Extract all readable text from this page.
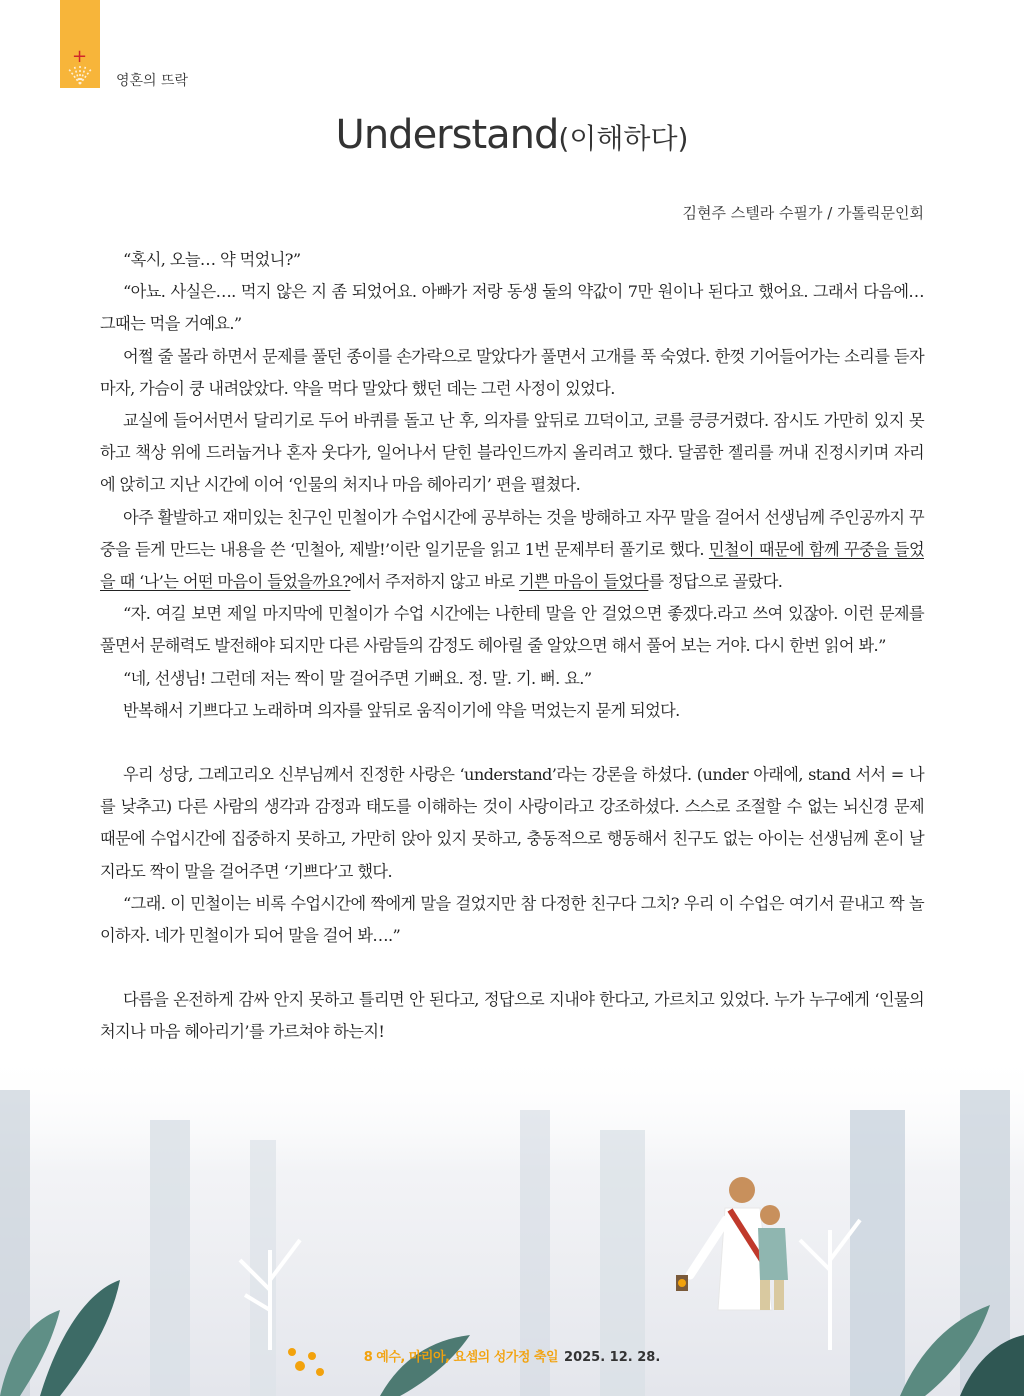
+
영혼의 뜨락
Understand(이해하다)
김현주 스텔라 수필가 / 가톨릭문인회

“혹시, 오늘… 약 먹었니?”

“아뇨. 사실은…. 먹지 않은 지 좀 되었어요. 아빠가 저랑 동생 둘의 약값이 7만 원이나 된다고 했어요. 그래서 다음에… 그때는 먹을 거예요.”

어쩔 줄 몰라 하면서 문제를 풀던 종이를 손가락으로 말았다가 풀면서 고개를 푹 숙였다. 한껏 기어들어가는 소리를 듣자마자, 가슴이 쿵 내려앉았다. 약을 먹다 말았다 했던 데는 그런 사정이 있었다.

교실에 들어서면서 달리기로 두어 바퀴를 돌고 난 후, 의자를 앞뒤로 끄덕이고, 코를 킁킁거렸다. 잠시도 가만히 있지 못하고 책상 위에 드러눕거나 혼자 웃다가, 일어나서 닫힌 블라인드까지 올리려고 했다. 달콤한 젤리를 꺼내 진정시키며 자리에 앉히고 지난 시간에 이어 ‘인물의 처지나 마음 헤아리기’ 편을 펼쳤다.

아주 활발하고 재미있는 친구인 민철이가 수업시간에 공부하는 것을 방해하고 자꾸 말을 걸어서 선생님께 주인공까지 꾸중을 듣게 만드는 내용을 쓴 ‘민철아, 제발!’이란 일기문을 읽고 1번 문제부터 풀기로 했다. 민철이 때문에 함께 꾸중을 들었을 때 ‘나’는 어떤 마음이 들었을까요?에서 주저하지 않고 바로 기쁜 마음이 들었다를 정답으로 골랐다.

“자. 여길 보면 제일 마지막에 민철이가 수업 시간에는 나한테 말을 안 걸었으면 좋겠다.라고 쓰여 있잖아. 이런 문제를 풀면서 문해력도 발전해야 되지만 다른 사람들의 감정도 헤아릴 줄 알았으면 해서 풀어 보는 거야. 다시 한번 읽어 봐.”

“네, 선생님! 그런데 저는 짝이 말 걸어주면 기뻐요. 정. 말. 기. 뻐. 요.”

반복해서 기쁘다고 노래하며 의자를 앞뒤로 움직이기에 약을 먹었는지 묻게 되었다.

우리 성당, 그레고리오 신부님께서 진정한 사랑은 ‘understand’라는 강론을 하셨다. (under 아래에, stand 서서 = 나를 낮추고) 다른 사람의 생각과 감정과 태도를 이해하는 것이 사랑이라고 강조하셨다. 스스로 조절할 수 없는 뇌신경 문제 때문에 수업시간에 집중하지 못하고, 가만히 앉아 있지 못하고, 충동적으로 행동해서 친구도 없는 아이는 선생님께 혼이 날지라도 짝이 말을 걸어주면 ‘기쁘다’고 했다.

“그래. 이 민철이는 비록 수업시간에 짝에게 말을 걸었지만 참 다정한 친구다 그치? 우리 이 수업은 여기서 끝내고 짝 놀이하자. 네가 민철이가 되어 말을 걸어 봐….”

다름을 온전하게 감싸 안지 못하고 틀리면 안 된다고, 정답으로 지내야 한다고, 가르치고 있었다. 누가 누구에게 ‘인물의 처지나 마음 헤아리기’를 가르쳐야 하는지!

8 예수, 마리아, 요셉의 성가정 축일 2025. 12. 28.
